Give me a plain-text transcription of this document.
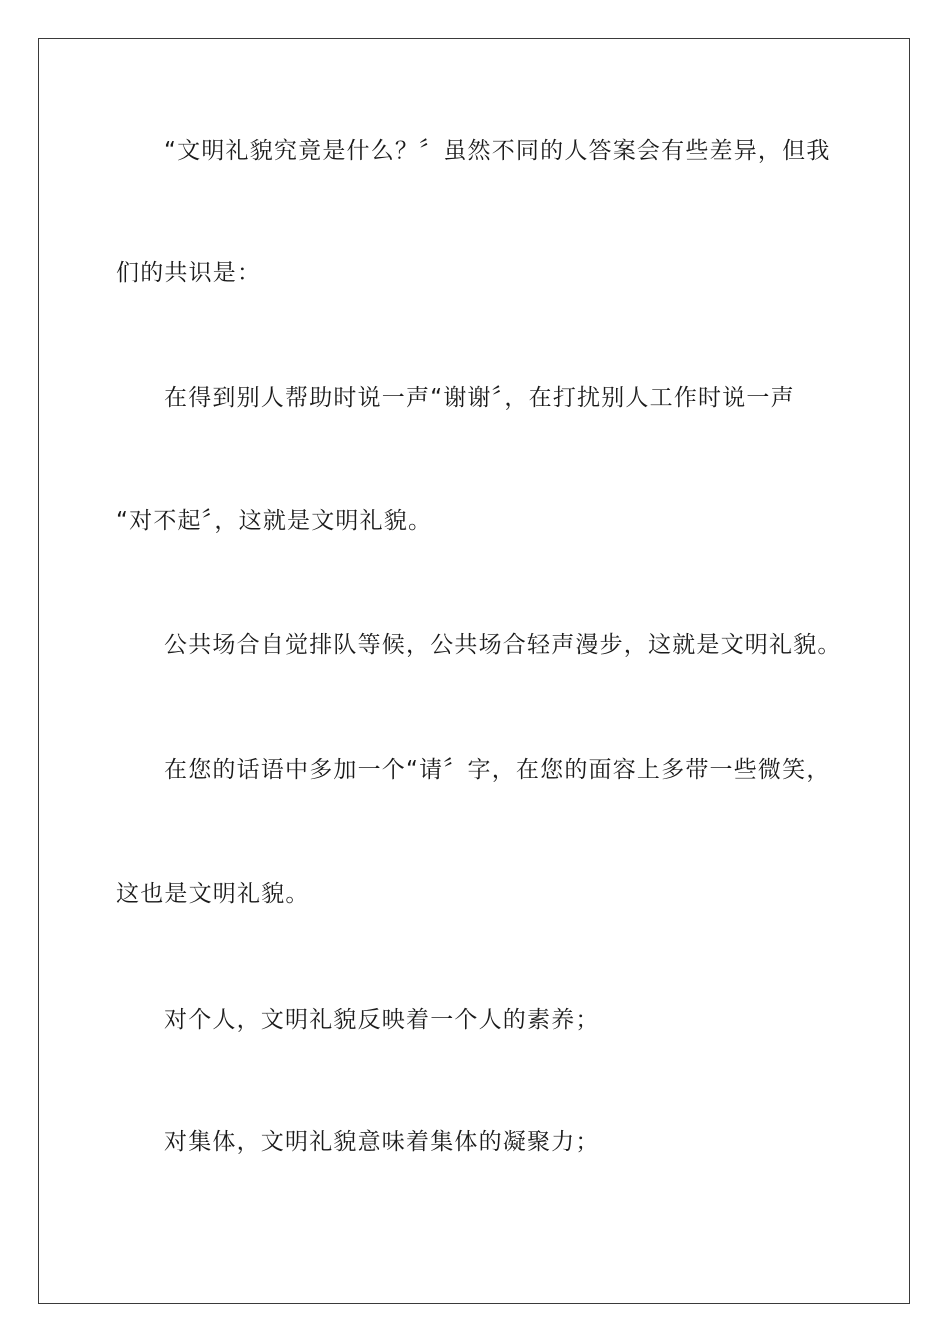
“文明礼貌究竟是什么？〞虽然不同的人答案会有些差异，但我
们的共识是：
在得到别人帮助时说一声“谢谢〞，在打扰别人工作时说一声
“对不起〞，这就是文明礼貌。
公共场合自觉排队等候，公共场合轻声漫步，这就是文明礼貌。
在您的话语中多加一个“请〞字，在您的面容上多带一些微笑，
这也是文明礼貌。
对个人，文明礼貌反映着一个人的素养；
对集体，文明礼貌意味着集体的凝聚力；
